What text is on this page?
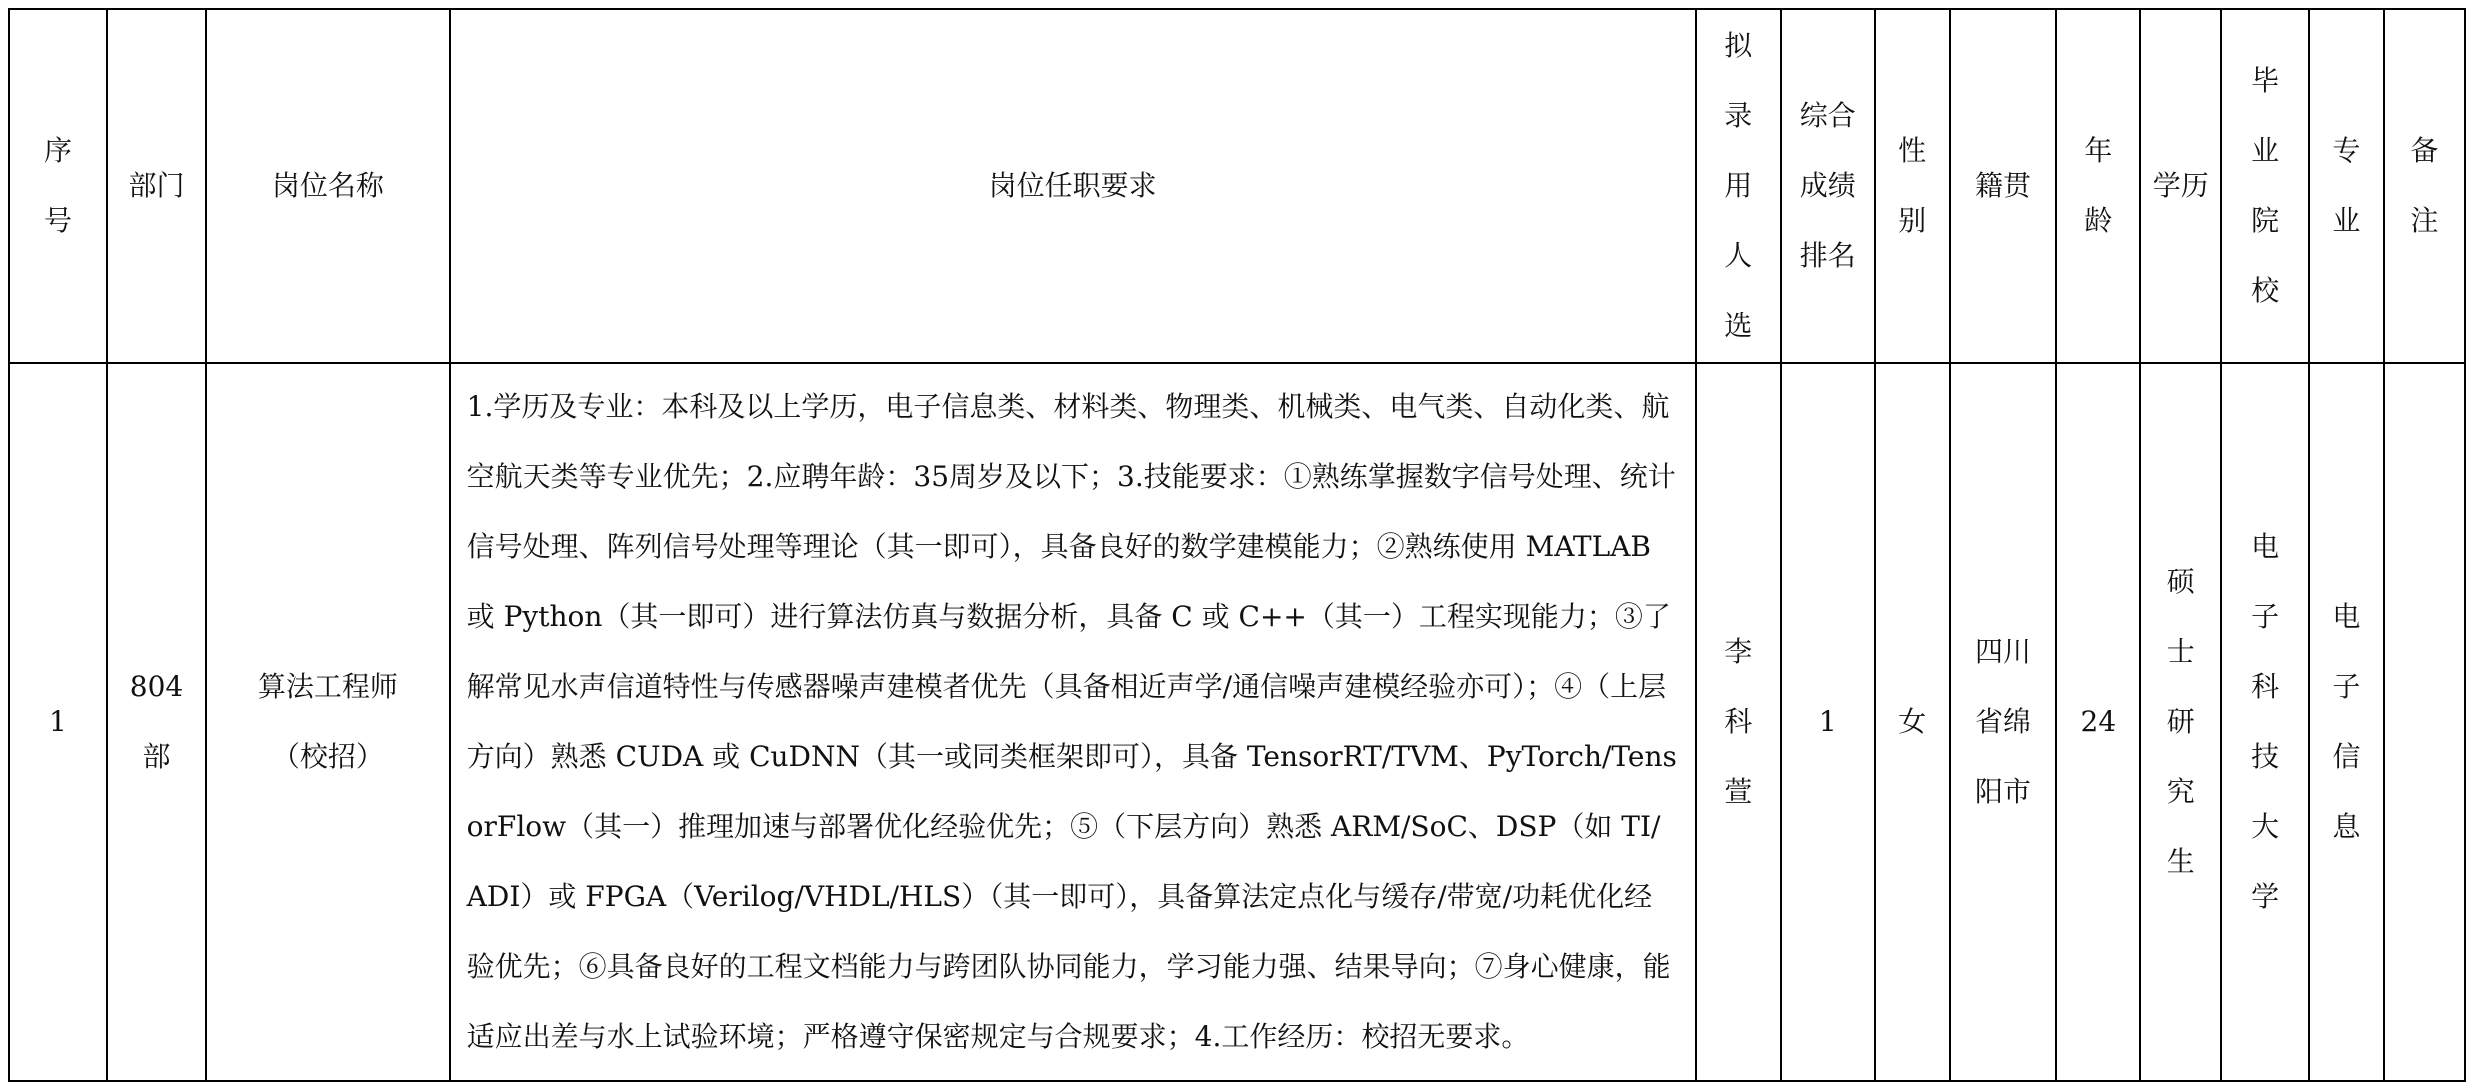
序号	部门	岗位名称	岗位任职要求	拟录用人选	综合成绩排名	性别	籍贯	年龄	学历	毕业院校	专业	备注
1	804部	算法工程师（校招）	1.学历及专业：本科及以上学历，电子信息类、材料类、物理类、机械类、电气类、自动化类、航空航天类等专业优先；2.应聘年龄：35周岁及以下；3.技能要求：①熟练掌握数字信号处理、统计信号处理、阵列信号处理等理论（其一即可），具备良好的数学建模能力；②熟练使用 MATLAB 或 Python（其一即可）进行算法仿真与数据分析，具备 C 或 C++（其一）工程实现能力；③了解常见水声信道特性与传感器噪声建模者优先（具备相近声学/通信噪声建模经验亦可）；④（上层方向）熟悉 CUDA 或 CuDNN（其一或同类框架即可），具备 TensorRT/TVM、PyTorch/TensorFlow（其一）推理加速与部署优化经验优先；⑤（下层方向）熟悉 ARM/SoC、DSP（如 TI/ADI）或 FPGA（Verilog/VHDL/HLS）（其一即可），具备算法定点化与缓存/带宽/功耗优化经验优先；⑥具备良好的工程文档能力与跨团队协同能力，学习能力强、结果导向；⑦身心健康，能适应出差与水上试验环境；严格遵守保密规定与合规要求；4.工作经历：校招无要求。	李科萱	1	女	四川省绵阳市	24	硕士研究生	电子科技大学	电子信息	
